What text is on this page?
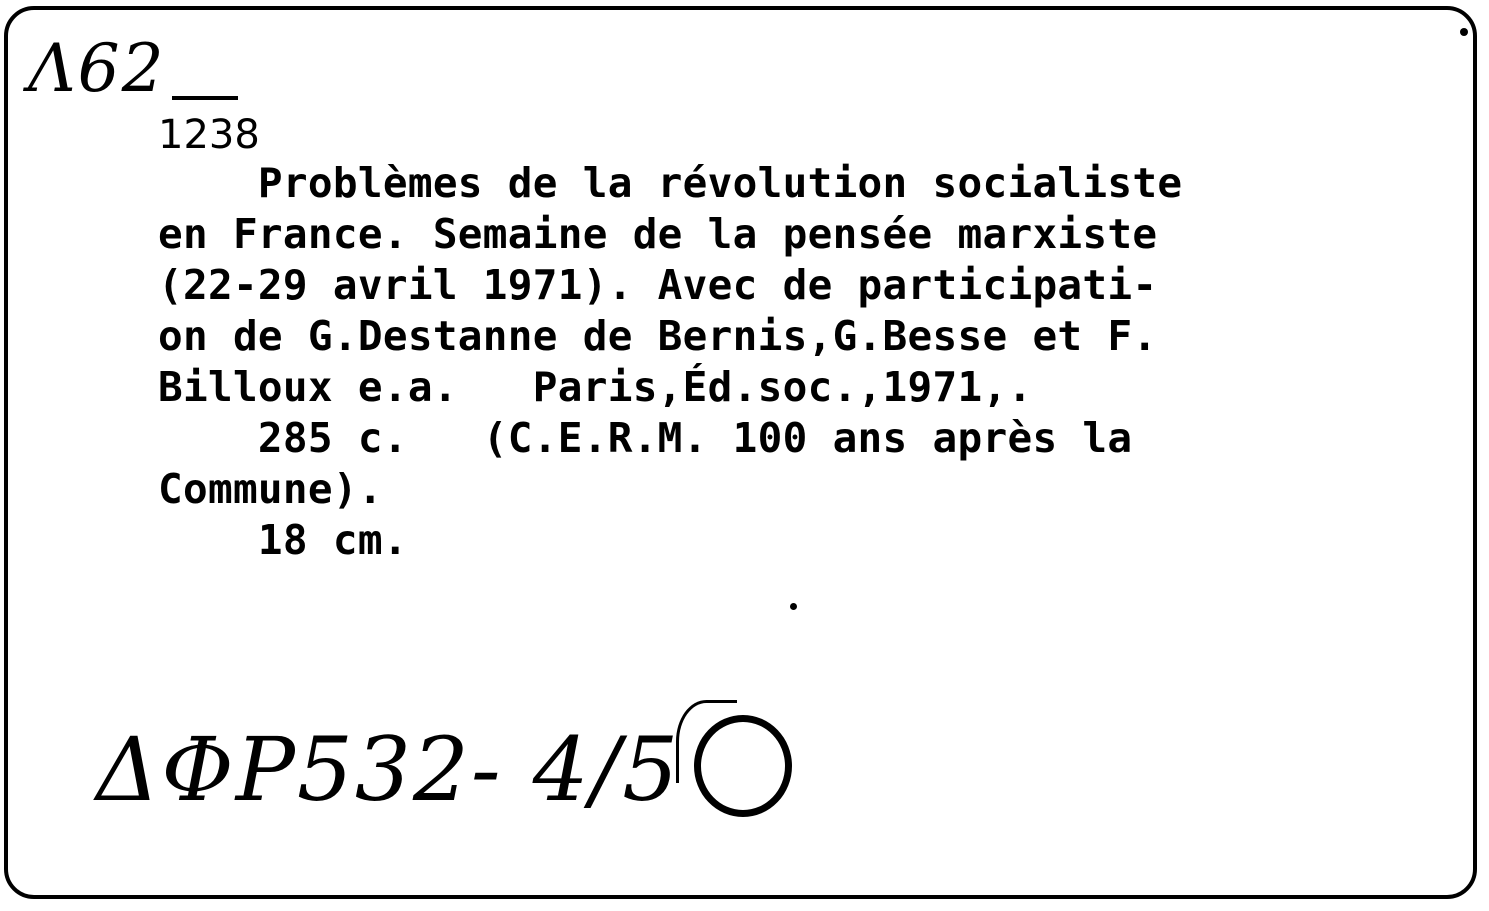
Λ62
1238
Problèmes de la révolution socialiste
en France. Semaine de la pensée marxiste
(22-29 avril 1971). Avec de participati-
on de G.Destanne de Bernis,G.Besse et F.
Billoux e.a.   Paris,Éd.soc.,1971,.
285 c.   (C.E.R.M. 100 ans après la
Commune).
18 cm.
ΔΦP532- 4/5
